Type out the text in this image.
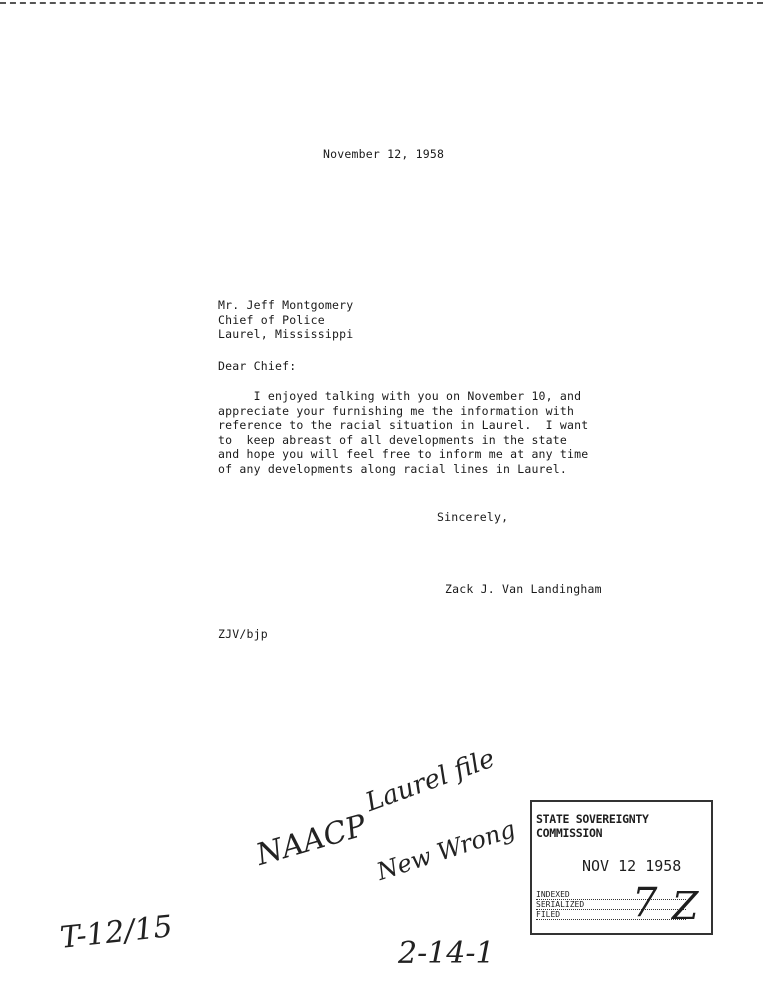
November 12, 1958
Mr. Jeff Montgomery
Chief of Police
Laurel, Mississippi
Dear Chief:
I enjoyed talking with you on November 10, and
appreciate your furnishing me the information with
reference to the racial situation in Laurel.  I want
to  keep abreast of all developments in the state
and hope you will feel free to inform me at any time
of any developments along racial lines in Laurel.
Sincerely,
Zack J. Van Landingham
ZJV/bjp
T-12/15
NAACP
Laurel file
New Wrong
2-14-1
STATE SOVEREIGNTY COMMISSION
NOV 12 1958
INDEXED
SERIALIZED
FILED	7 Z
